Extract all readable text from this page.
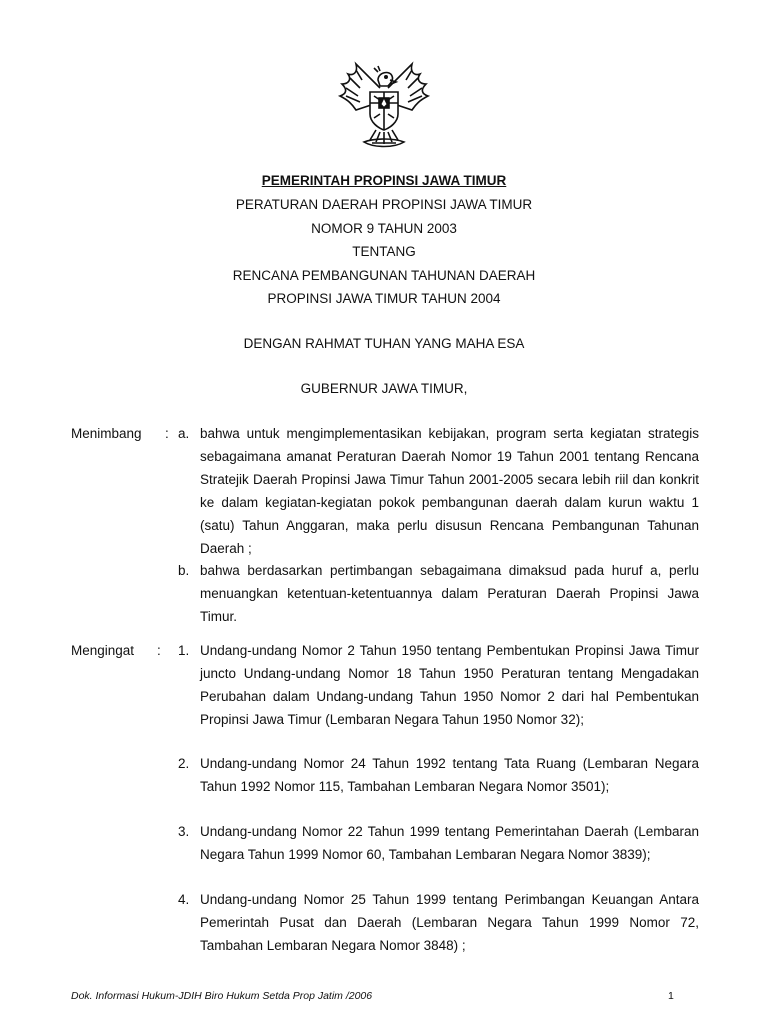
PEMERINTAH PROPINSI JAWA TIMUR
PERATURAN DAERAH PROPINSI JAWA TIMUR
NOMOR 9 TAHUN 2003
TENTANG
RENCANA PEMBANGUNAN TAHUNAN DAERAH
PROPINSI JAWA TIMUR TAHUN 2004
DENGAN RAHMAT TUHAN YANG MAHA ESA
GUBERNUR JAWA TIMUR,
Menimbang : a. bahwa untuk mengimplementasikan kebijakan, program serta kegiatan strategis sebagaimana amanat Peraturan Daerah Nomor 19 Tahun 2001 tentang Rencana Stratejik Daerah Propinsi Jawa Timur Tahun 2001-2005 secara lebih riil dan konkrit ke dalam kegiatan-kegiatan pokok pembangunan daerah dalam kurun waktu 1 (satu) Tahun Anggaran, maka perlu disusun Rencana Pembangunan Tahunan Daerah ;
b. bahwa berdasarkan pertimbangan sebagaimana dimaksud pada huruf a, perlu menuangkan ketentuan-ketentuannya dalam Peraturan Daerah Propinsi Jawa Timur.
Mengingat : 1. Undang-undang Nomor 2 Tahun 1950 tentang Pembentukan Propinsi Jawa Timur juncto Undang-undang Nomor 18 Tahun 1950 Peraturan tentang Mengadakan Perubahan dalam Undang-undang Tahun 1950 Nomor 2 dari hal Pembentukan Propinsi Jawa Timur (Lembaran Negara Tahun 1950 Nomor 32);
2. Undang-undang Nomor 24 Tahun 1992 tentang Tata Ruang (Lembaran Negara Tahun 1992 Nomor 115, Tambahan Lembaran Negara Nomor 3501);
3. Undang-undang Nomor 22 Tahun 1999 tentang Pemerintahan Daerah (Lembaran Negara Tahun 1999 Nomor 60, Tambahan Lembaran Negara Nomor 3839);
4. Undang-undang Nomor 25 Tahun 1999 tentang Perimbangan Keuangan Antara Pemerintah Pusat dan Daerah (Lembaran Negara Tahun 1999 Nomor 72, Tambahan Lembaran Negara Nomor 3848) ;
Dok. Informasi Hukum-JDIH Biro Hukum Setda Prop Jatim /2006	1
